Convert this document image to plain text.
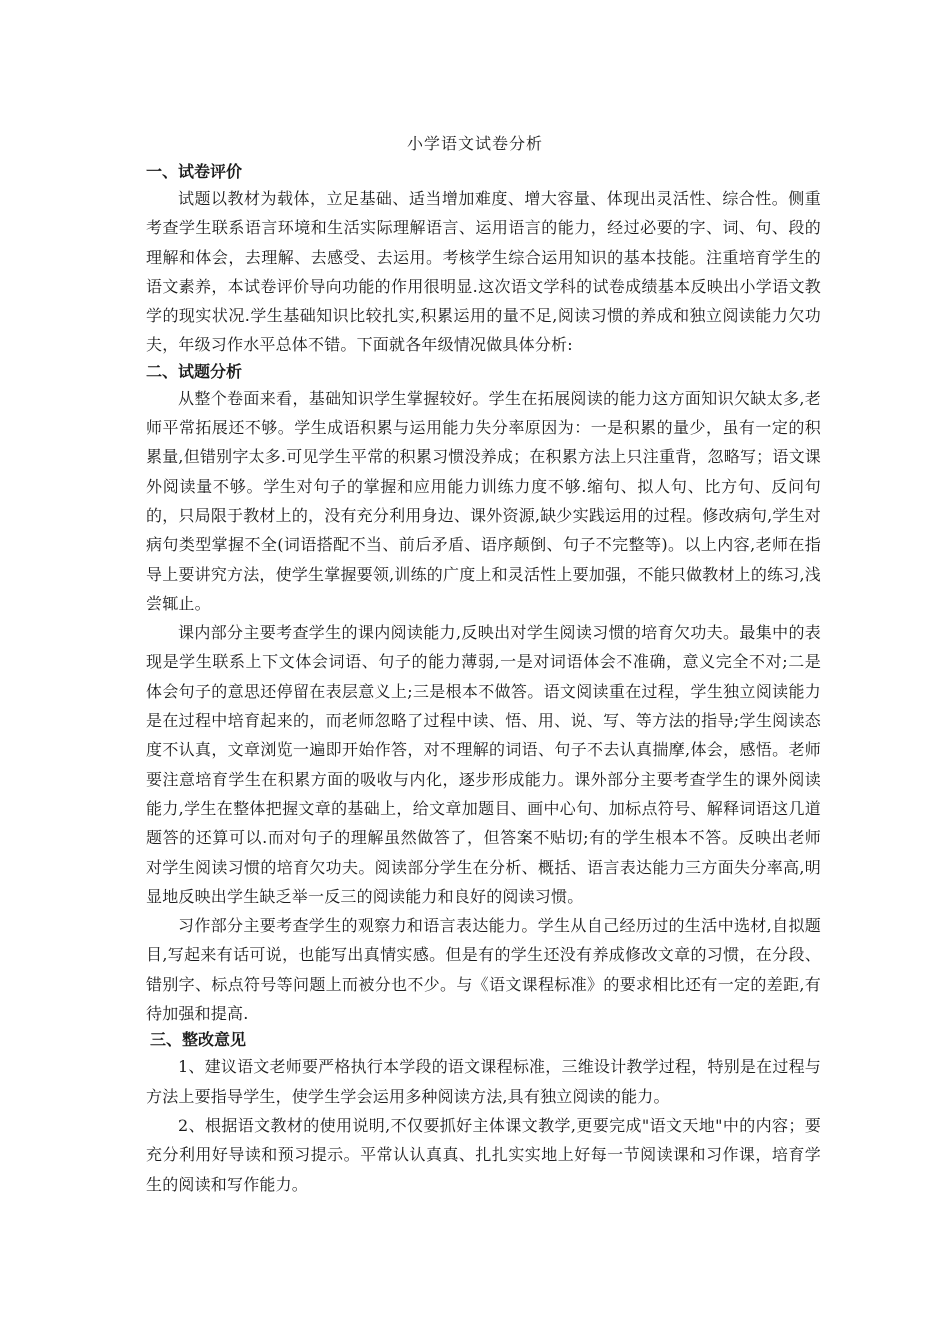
小学语文试卷分析
一、试卷评价

试题以教材为载体，立足基础、适当增加难度、增大容量、体现出灵活性、综合性。侧重考查学生联系语言环境和生活实际理解语言、运用语言的能力，经过必要的字、词、句、段的理解和体会，去理解、去感受、去运用。考核学生综合运用知识的基本技能。注重培育学生的语文素养，本试卷评价导向功能的作用很明显.这次语文学科的试卷成绩基本反映出小学语文教学的现实状况.学生基础知识比较扎实,积累运用的量不足,阅读习惯的养成和独立阅读能力欠功夫，年级习作水平总体不错。下面就各年级情况做具体分析:

二、试题分析

从整个卷面来看，基础知识学生掌握较好。学生在拓展阅读的能力这方面知识欠缺太多,老师平常拓展还不够。学生成语积累与运用能力失分率原因为：一是积累的量少，虽有一定的积累量,但错别字太多.可见学生平常的积累习惯没养成；在积累方法上只注重背，忽略写；语文课外阅读量不够。学生对句子的掌握和应用能力训练力度不够.缩句、拟人句、比方句、反问句的，只局限于教材上的，没有充分利用身边、课外资源,缺少实践运用的过程。修改病句,学生对病句类型掌握不全(词语搭配不当、前后矛盾、语序颠倒、句子不完整等)。以上内容,老师在指导上要讲究方法，使学生掌握要领,训练的广度上和灵活性上要加强，不能只做教材上的练习,浅尝辄止。

课内部分主要考查学生的课内阅读能力,反映出对学生阅读习惯的培育欠功夫。最集中的表现是学生联系上下文体会词语、句子的能力薄弱,一是对词语体会不准确，意义完全不对;二是体会句子的意思还停留在表层意义上;三是根本不做答。语文阅读重在过程，学生独立阅读能力是在过程中培育起来的，而老师忽略了过程中读、悟、用、说、写、等方法的指导;学生阅读态度不认真，文章浏览一遍即开始作答，对不理解的词语、句子不去认真揣摩,体会，感悟。老师要注意培育学生在积累方面的吸收与内化，逐步形成能力。课外部分主要考查学生的课外阅读能力,学生在整体把握文章的基础上，给文章加题目、画中心句、加标点符号、解释词语这几道题答的还算可以.而对句子的理解虽然做答了，但答案不贴切;有的学生根本不答。反映出老师对学生阅读习惯的培育欠功夫。阅读部分学生在分析、概括、语言表达能力三方面失分率高,明显地反映出学生缺乏举一反三的阅读能力和良好的阅读习惯。

习作部分主要考查学生的观察力和语言表达能力。学生从自己经历过的生活中选材,自拟题目,写起来有话可说，也能写出真情实感。但是有的学生还没有养成修改文章的习惯，在分段、错别字、标点符号等问题上而被分也不少。与《语文课程标准》的要求相比还有一定的差距,有待加强和提高.

三、整改意见

1、建议语文老师要严格执行本学段的语文课程标准，三维设计教学过程，特别是在过程与方法上要指导学生，使学生学会运用多种阅读方法,具有独立阅读的能力。

2、根据语文教材的使用说明,不仅要抓好主体课文教学,更要完成"语文天地"中的内容；要充分利用好导读和预习提示。平常认认真真、扎扎实实地上好每一节阅读课和习作课，培育学生的阅读和写作能力。
